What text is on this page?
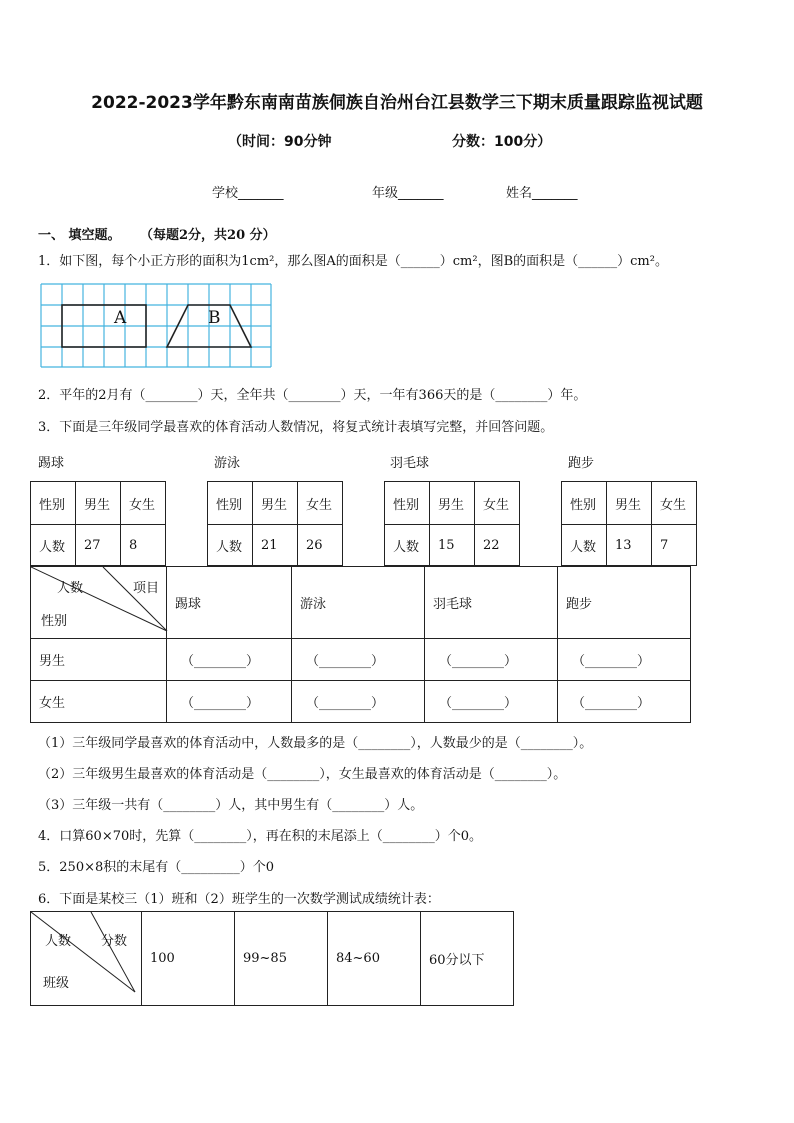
2022-2023学年黔东南南苗族侗族自治州台江县数学三下期末质量跟踪监视试题
（时间：90分钟	分数：100分）
学校_______	年级_______	姓名_______
一、 填空题。 （每题2分，共20 分）
1．如下图，每个小正方形的面积为1cm²，那么图A的面积是（______）cm²，图B的面积是（______）cm²。
A	B
2．平年的2月有（________）天，全年共（________）天，一年有366天的是（________）年。
3．下面是三年级同学最喜欢的体育活动人数情况，将复式统计表填写完整，并回答问题。
踢球	游泳	羽毛球	跑步
性别	男生	女生
人数	27	8
性别	男生	女生
人数	21	26
性别	男生	女生
人数	15	22
性别	男生	女生
人数	13	7
人数 项目
性别	踢球	游泳	羽毛球	跑步
男生	（________）	（________）	（________）	（________）
女生	（________）	（________）	（________）	（________）
（1）三年级同学最喜欢的体育活动中，人数最多的是（________），人数最少的是（________）。
（2）三年级男生最喜欢的体育活动是（________），女生最喜欢的体育活动是（________）。
（3）三年级一共有（________）人，其中男生有（________）人。
4．口算60×70时，先算（________），再在积的末尾添上（________）个0。
5．250×8积的末尾有（_________）个0
6．下面是某校三（1）班和（2）班学生的一次数学测试成绩统计表：
人数 分数
班级
	100	99~85	84~60	60分以下
